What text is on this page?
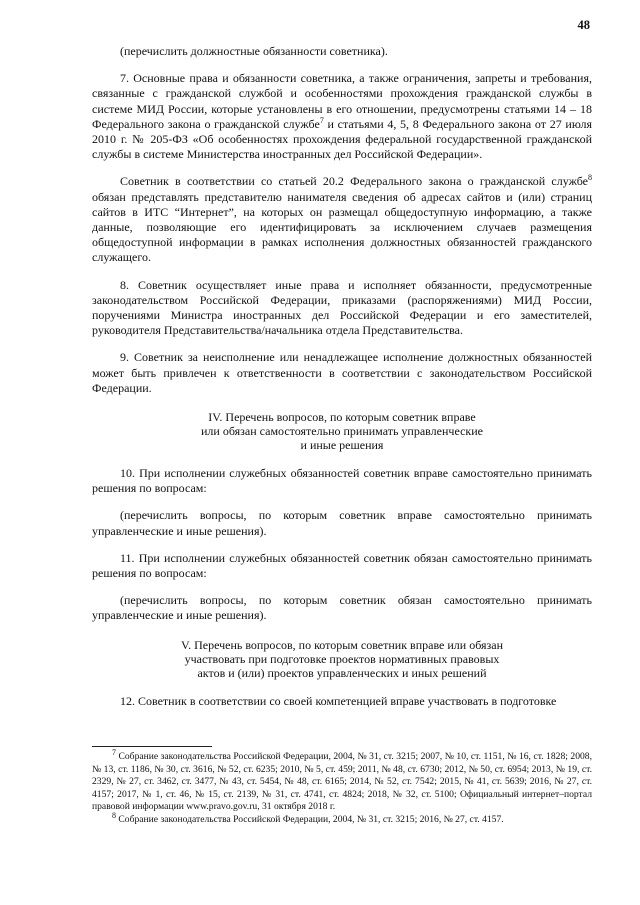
48

(перечислить должностные обязанности советника).

7. Основные права и обязанности советника, а также ограничения, запреты и требования, связанные с гражданской службой и особенностями прохождения гражданской службы в системе МИД России, которые установлены в его отношении, предусмотрены статьями 14 – 18 Федерального закона о гражданской службе$^7$ и статьями 4, 5, 8 Федерального закона от 27 июля 2010 г. № 205-ФЗ «Об особенностях прохождения федеральной государственной гражданской службы в системе Министерства иностранных дел Российской Федерации».

Советник в соответствии со статьей 20.2 Федерального закона о гражданской службе$^8$ обязан представлять представителю нанимателя сведения об адресах сайтов и (или) страниц сайтов в ИТС “Интернет”, на которых он размещал общедоступную информацию, а также данные, позволяющие его идентифицировать за исключением случаев размещения общедоступной информации в рамках исполнения должностных обязанностей гражданского служащего.

8. Советник осуществляет иные права и исполняет обязанности, предусмотренные законодательством Российской Федерации, приказами (распоряжениями) МИД России, поручениями Министра иностранных дел Российской Федерации и его заместителей, руководителя Представительства/начальника отдела Представительства.

9. Советник за неисполнение или ненадлежащее исполнение должностных обязанностей может быть привлечен к ответственности в соответствии с законодательством Российской Федерации.

IV. Перечень вопросов, по которым советник вправе
или обязан самостоятельно принимать управленческие
и иные решения

10. При исполнении служебных обязанностей советник вправе самостоятельно принимать решения по вопросам:

(перечислить вопросы, по которым советник вправе самостоятельно принимать управленческие и иные решения).

11. При исполнении служебных обязанностей советник обязан самостоятельно принимать решения по вопросам:

(перечислить вопросы, по которым советник обязан самостоятельно принимать управленческие и иные решения).

V. Перечень вопросов, по которым советник вправе или обязан
участвовать при подготовке проектов нормативных правовых
актов и (или) проектов управленческих и иных решений

12. Советник в соответствии со своей компетенцией вправе участвовать в подготовке

$^7$ Собрание законодательства Российской Федерации, 2004, № 31, ст. 3215; 2007, № 10, ст. 1151, № 16, ст. 1828; 2008, № 13, ст. 1186, № 30, ст. 3616, № 52, ст. 6235; 2010, № 5, ст. 459; 2011, № 48, ст. 6730; 2012, № 50, ст. 6954; 2013, № 19, ст. 2329, № 27, ст. 3462, ст. 3477, № 43, ст. 5454, № 48, ст. 6165; 2014, № 52, ст. 7542; 2015, № 41, ст. 5639; 2016, № 27, ст. 4157; 2017, № 1, ст. 46, № 15, ст. 2139, № 31, ст. 4741, ст. 4824; 2018, № 32, ст. 5100; Официальный интернет–портал правовой информации www.pravo.gov.ru, 31 октября 2018 г.

$^8$ Собрание законодательства Российской Федерации, 2004, № 31, ст. 3215; 2016, № 27, ст. 4157.
